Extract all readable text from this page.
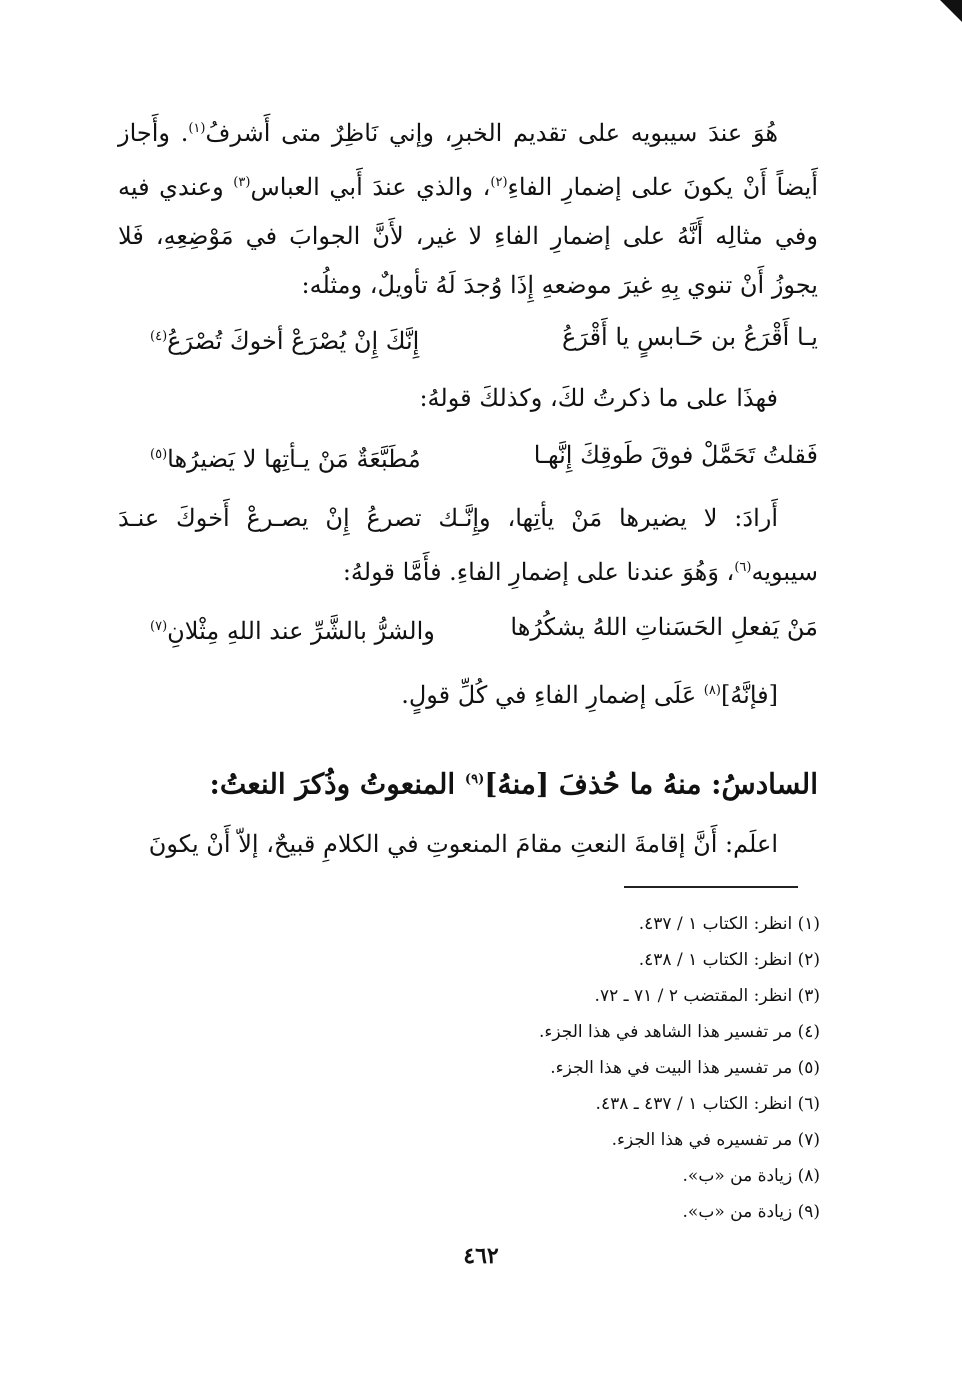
هُوَ عندَ سيبويه على تقديم الخبرِ، وإني نَاظِرٌ متى أَشرفُ$^{(١)}$. وأَجاز أَيضاً أَنْ يكونَ على إضمارِ الفاءِ$^{(٢)}$، والذي عندَ أَبي العباس$^{(٣)}$ وعندي فيه وفي مثالِه أَنَّهُ على إضمارِ الفاءِ لا غير، لأَنَّ الجوابَ في مَوْضِعِهِ، فَلا يجوزُ أَنْ تنوي بِهِ غيرَ موضعهِ إِذَا وُجدَ لَهُ تأويلٌ، ومثلُه:
يـا أَقْرَعُ بن حَـابسٍ يا أَقْرَعُ
إِنَّكَ إِنْ يُصْرَعْ أخوكَ تُصْرَعُ$^{(٤)}$
فهذَا على ما ذكرتُ لكَ، وكذلكَ قولهُ:
فَقلتُ تَحَمَّلْ فوقَ طَوقِكَ إِنَّهـا
مُطَبَّعَةٌ مَنْ يـأتِها لا يَضيرُها$^{(٥)}$
أَرادَ: لا يضيرها مَنْ يأتِها، وإِنَّـك تصرعُ إِنْ يصـرعْ أَخوكَ عنـدَ سيبويه$^{(٦)}$، وَهُوَ عندنا على إضمارِ الفاءِ. فأَمَّا قولهُ:
مَنْ يَفعلِ الحَسَناتِ اللهُ يشكُرُها
والشرُّ بالشَّرِّ عند اللهِ مِثْلانِ$^{(٧)}$
[فإنَّهُ]$^{(٨)}$ عَلَى إضمارِ الفاءِ في كُلِّ قولٍ.
السادسُ: منهُ ما حُذفَ [منهُ]$^{(٩)}$ المنعوتُ وذُكرَ النعتُ:
اعلَم: أَنَّ إقامةَ النعتِ مقامَ المنعوتِ في الكلامِ قبيحٌ، إلاّ أَنْ يكونَ
(١) انظر: الكتاب ١ / ٤٣٧.
(٢) انظر: الكتاب ١ / ٤٣٨.
(٣) انظر: المقتضب ٢ / ٧١ ـ ٧٢.
(٤) مر تفسير هذا الشاهد في هذا الجزء.
(٥) مر تفسير هذا البيت في هذا الجزء.
(٦) انظر: الكتاب ١ / ٤٣٧ ـ ٤٣٨.
(٧) مر تفسيره في هذا الجزء.
(٨) زيادة من «ب».
(٩) زيادة من «ب».
٤٦٢
